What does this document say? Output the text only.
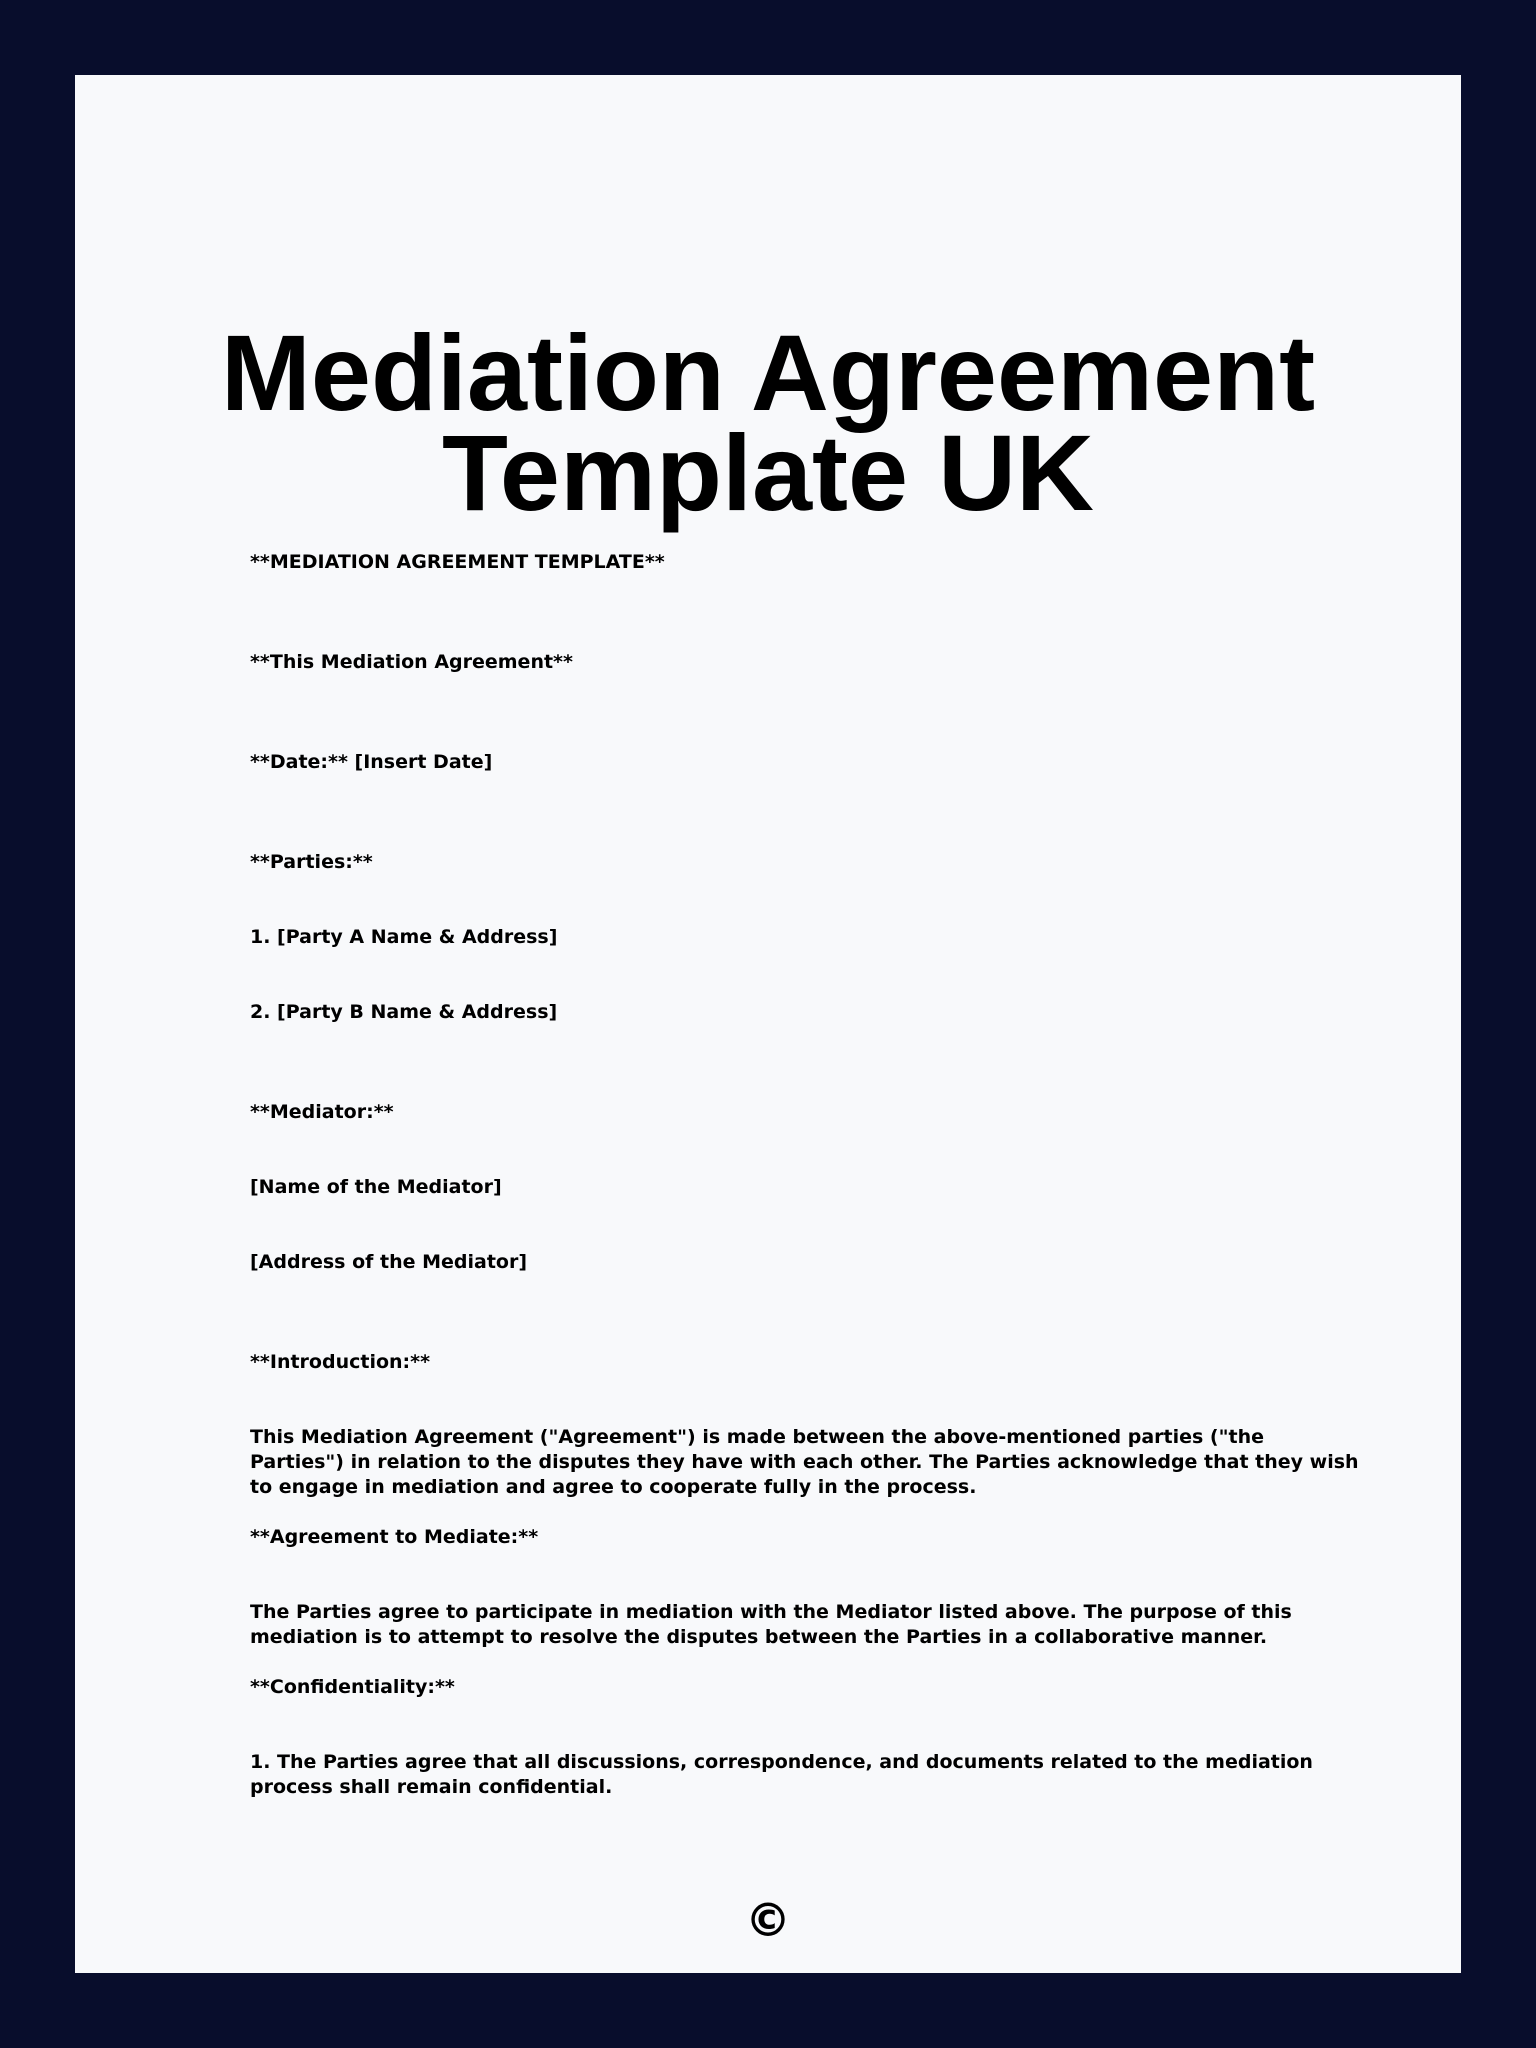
Mediation Agreement Template UK

**MEDIATION AGREEMENT TEMPLATE**

**This Mediation Agreement**

**Date:** [Insert Date]

**Parties:**

1. [Party A Name & Address]

2. [Party B Name & Address]

**Mediator:**

[Name of the Mediator]

[Address of the Mediator]

**Introduction:**

This Mediation Agreement ("Agreement") is made between the above-mentioned parties ("the Parties") in relation to the disputes they have with each other. The Parties acknowledge that they wish to engage in mediation and agree to cooperate fully in the process.

**Agreement to Mediate:**

The Parties agree to participate in mediation with the Mediator listed above. The purpose of this mediation is to attempt to resolve the disputes between the Parties in a collaborative manner.

**Confidentiality:**

1. The Parties agree that all discussions, correspondence, and documents related to the mediation process shall remain confidential.

©
